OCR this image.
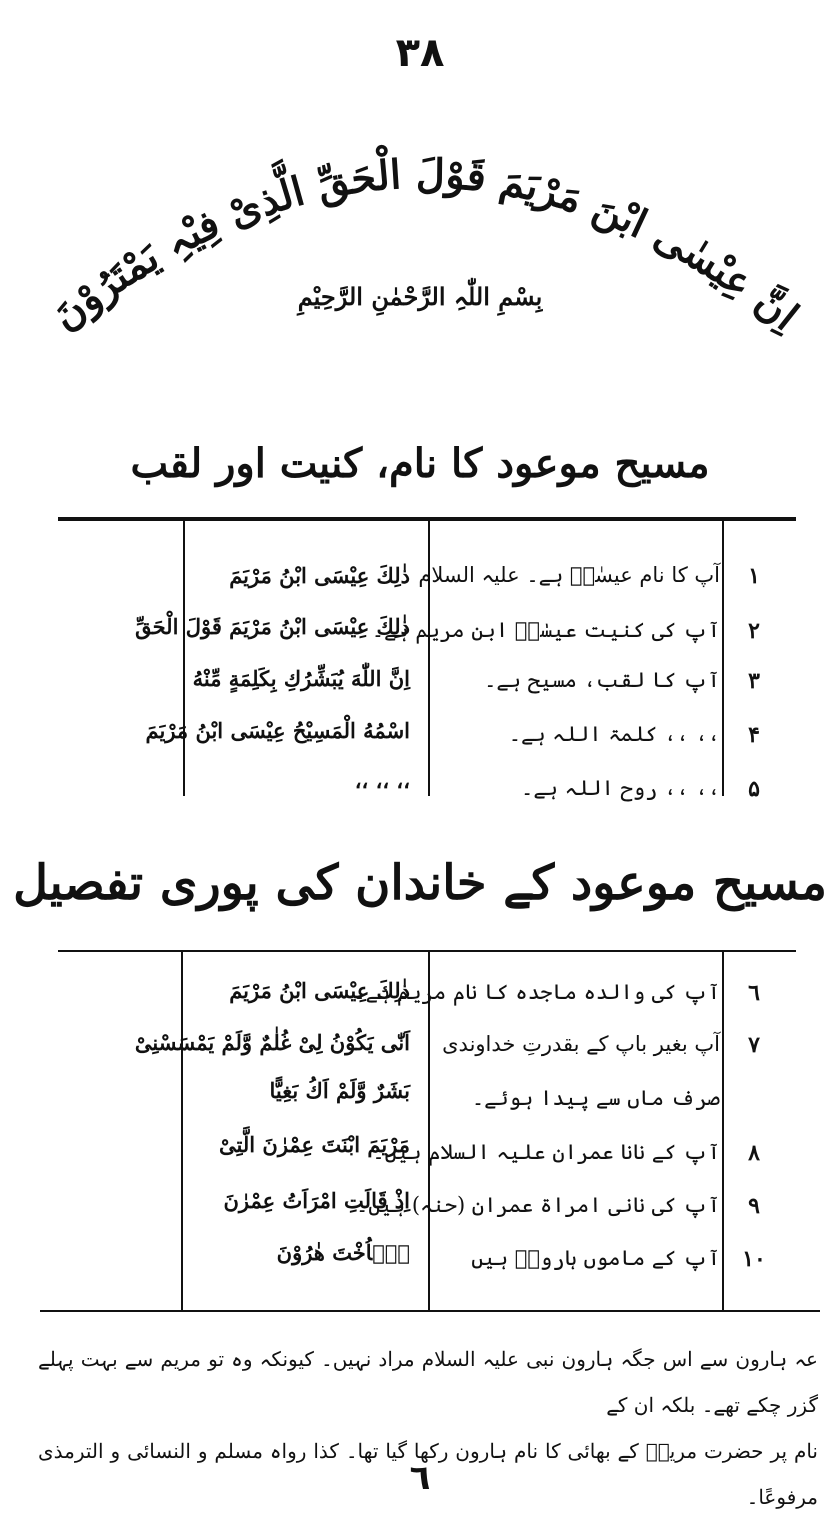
٣٨
اِنَّ عِیْسٰی ابْنَ مَرْیَمَ قَوْلَ الْحَقِّ الَّذِیْ فِیْہِ یَمْتَرُوْنَ
بِسْمِ اللّٰہِ الرَّحْمٰنِ الرَّحِیْمِ
مسیح موعود کا نام، کنیت اور لقب
١
آپ کا نام عیسٰیؑ ہے۔ علیہ السلام
ذٰلِكَ عِیْسَى ابْنُ مَرْیَمَ
٢
آپ کی کنیت عیسٰیؑ ابن مریم ہے۔
ذٰلِكَ عِیْسَى ابْنُ مَرْیَمَ قَوْلَ الْحَقِّ
٣
آپ کا لقب، مسیح ہے۔
اِنَّ اللّٰهَ یُبَشِّرُكِ بِكَلِمَةٍ مِّنْهُ
۴
،، ،، کلمۃ اللہ ہے۔
اسْمُهُ الْمَسِیْحُ عِیْسَى ابْنُ مَرْیَمَ
۵
،، ،، روح اللہ ہے۔
،، ،، ،،
مسیح موعود کے خاندان کی پوری تفصیل
٦
آپ کی والدہ ماجدہ کا نام مریم ہے۔
ذٰلِكَ عِیْسَى ابْنُ مَرْیَمَ
٧
آپ بغیر باپ کے بقدرتِ خداوندی
اَنّٰى یَكُوْنُ لِیْ غُلٰمٌ وَّلَمْ یَمْسَسْنِیْ
صرف ماں سے پیدا ہوئے۔
بَشَرٌ وَّلَمْ اَكُ بَغِیًّا
٨
آپ کے نانا عمران علیہ السلام ہیں۔
مَرْیَمَ ابْنَتَ عِمْرٰنَ الَّتِیْ
٩
آپ کی نانی امراۃ عمران (حنہ) ہیں۔
اِذْ قَالَتِ امْرَاَتُ عِمْرٰنَ
١٠
آپ کے ماموں ہارونؑ ہیں
یٰۤاُخْتَ هٰرُوْنَ
عہ ہارون سے اس جگہ ہارون نبی علیہ السلام مراد نہیں۔ کیونکہ وہ تو مریم سے بہت پہلے گزر چکے تھے۔ بلکہ ان کے
نام پر حضرت مریمؑ کے بھائی کا نام ہارون رکھا گیا تھا۔ کذا رواہ مسلم و النسائی و الترمذی مرفوعًا۔
٦
